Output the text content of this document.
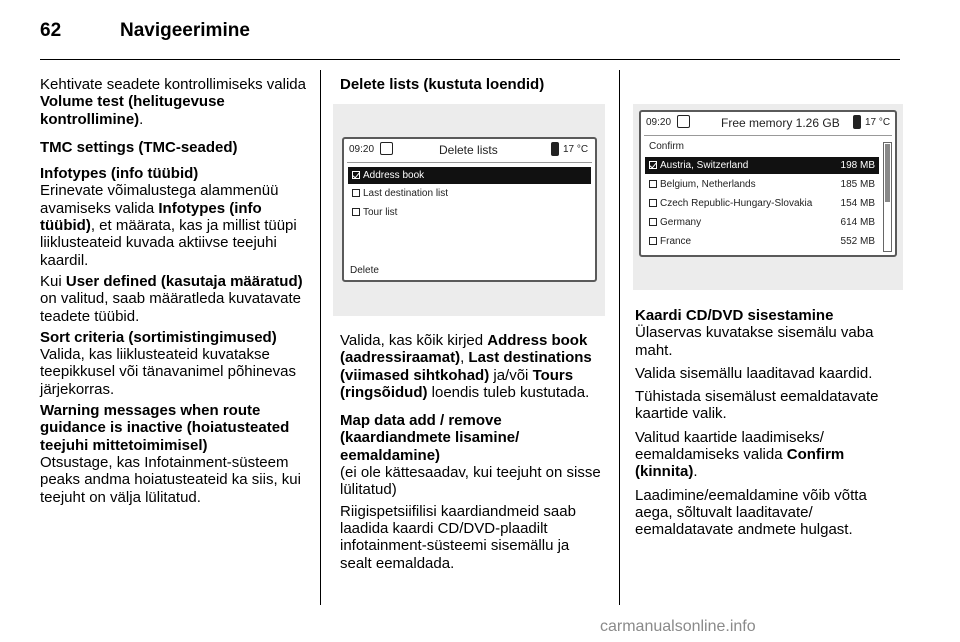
62	Navigeerimine

Kehtivate seadete kontrollimiseks valida Volume test (helitugevuse kontrollimine).

TMC settings (TMC-seaded)

Infotypes (info tüübid)

Erinevate võimalustega alammenüü avamiseks valida Infotypes (info tüübid), et määrata, kas ja millist tüüpi liiklusteateid kuvada aktiivse teejuhi kaardil.

Kui User defined (kasutaja määratud) on valitud, saab määratleda kuvatavate teadete tüübid.

Sort criteria (sortimistingimused)

Valida, kas liiklusteateid kuvatakse teepikkusel või tänavanimel põhinevas järjekorras.

Warning messages when route guidance is inactive (hoiatusteated teejuhi mittetoimimisel)

Otsustage, kas Infotainment-süsteem peaks andma hoiatusteateid ka siis, kui teejuht on välja lülitatud.

Delete lists (kustuta loendid)

09:20	Delete lists	17 °C
Address book
Last destination list
Tour list
Delete

Valida, kas kõik kirjed Address book (aadressiraamat), Last destinations (viimased sihtkohad) ja/või Tours (ringsõidud) loendis tuleb kustutada.

Map data add / remove (kaardiandmete lisamine/ eemaldamine)

(ei ole kättesaadav, kui teejuht on sisse lülitatud)

Riigispetsiifilisi kaardiandmeid saab laadida kaardi CD/DVD-plaadilt infotainment-süsteemi sisemällu ja sealt eemaldada.

09:20	Free memory 1.26 GB	17 °C
Confirm
Austria, Switzerland	198 MB
Belgium, Netherlands	185 MB
Czech Republic-Hungary-Slovakia	154 MB
Germany	614 MB
France	552 MB

Kaardi CD/DVD sisestamine

Ülaservas kuvatakse sisemälu vaba maht.

Valida sisemällu laaditavad kaardid.

Tühistada sisemälust eemaldatavate kaartide valik.

Valitud kaartide laadimiseks/ eemaldamiseks valida Confirm (kinnita).

Laadimine/eemaldamine võib võtta aega, sõltuvalt laaditavate/ eemaldatavate andmete hulgast.

carmanualsonline.info
